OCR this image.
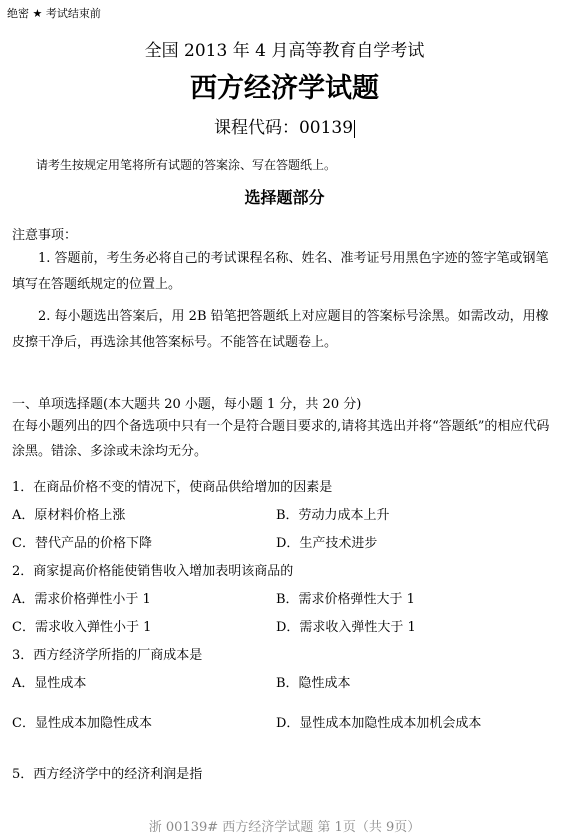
绝密 ★ 考试结束前
全国 2013 年 4 月高等教育自学考试
西方经济学试题
课程代码：00139
请考生按规定用笔将所有试题的答案涂、写在答题纸上。
选择题部分
注意事项：
1. 答题前，考生务必将自己的考试课程名称、姓名、准考证号用黑色字迹的签字笔或钢笔填写在答题纸规定的位置上。
2. 每小题选出答案后，用 2B 铅笔把答题纸上对应题目的答案标号涂黑。如需改动，用橡皮擦干净后，再选涂其他答案标号。不能答在试题卷上。
一、单项选择题(本大题共 20 小题，每小题 1 分，共 20 分)
在每小题列出的四个备选项中只有一个是符合题目要求的,请将其选出并将“答题纸”的相应代码涂黑。错涂、多涂或未涂均无分。
1．在商品价格不变的情况下，使商品供给增加的因素是
A．原材料价格上涨	B．劳动力成本上升
C．替代产品的价格下降	D．生产技术进步
2．商家提高价格能使销售收入增加表明该商品的
A．需求价格弹性小于 1	B．需求价格弹性大于 1
C．需求收入弹性小于 1	D．需求收入弹性大于 1
3．西方经济学所指的厂商成本是
A．显性成本	B．隐性成本
C．显性成本加隐性成本	D．显性成本加隐性成本加机会成本
5．西方经济学中的经济利润是指
浙 00139# 西方经济学试题 第 1页（共 9页）
